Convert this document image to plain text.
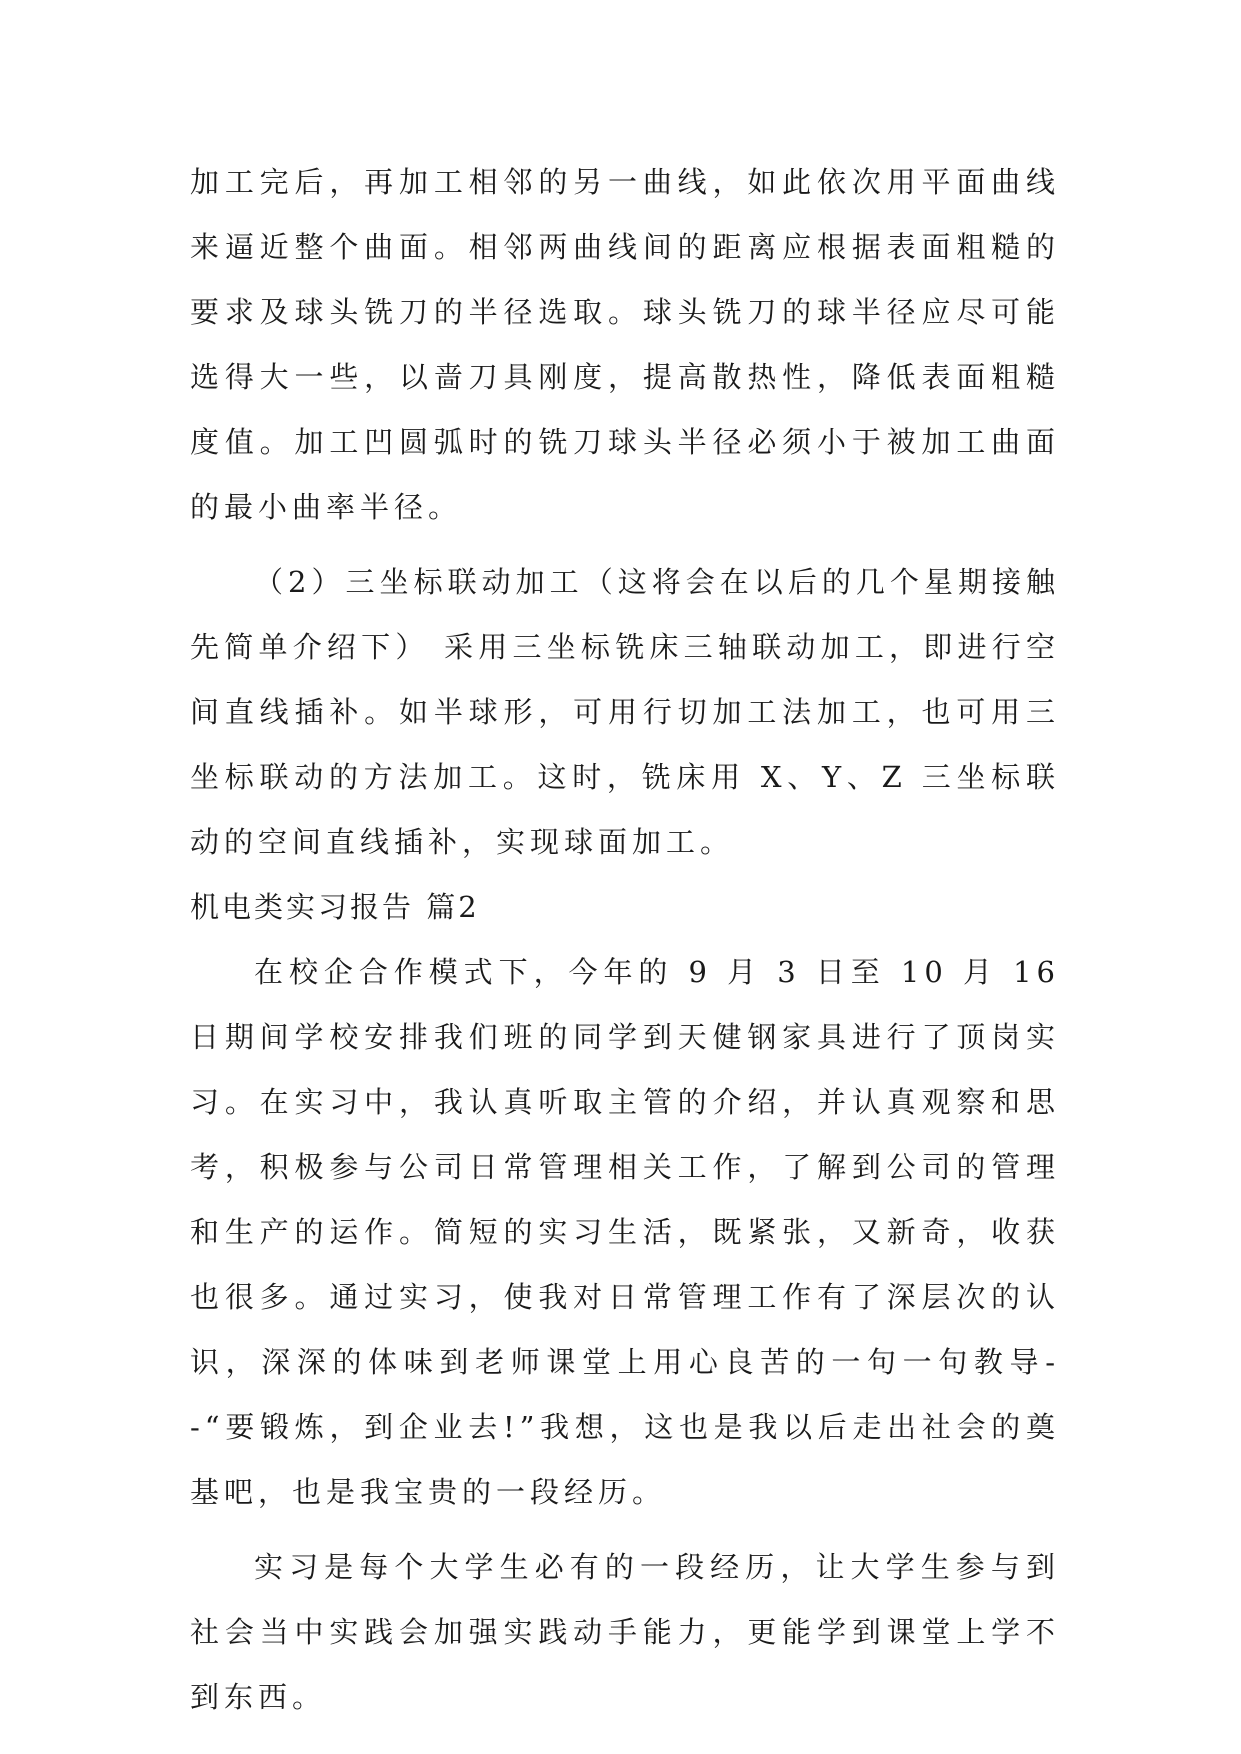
加工完后，再加工相邻的另一曲线，如此依次用平面曲线来逼近整个曲面。相邻两曲线间的距离应根据表面粗糙的要求及球头铣刀的半径选取。球头铣刀的球半径应尽可能选得大一些，以啬刀具刚度，提高散热性，降低表面粗糙度值。加工凹圆弧时的铣刀球头半径必须小于被加工曲面的最小曲率半径。

（2）三坐标联动加工（这将会在以后的几个星期接触先简单介绍下） 采用三坐标铣床三轴联动加工，即进行空间直线插补。如半球形，可用行切加工法加工，也可用三坐标联动的方法加工。这时，铣床用 X、Y、Z 三坐标联动的空间直线插补，实现球面加工。

机电类实习报告 篇2

在校企合作模式下，今年的 9 月 3 日至 10 月 16 日期间学校安排我们班的同学到天健钢家具进行了顶岗实习。在实习中，我认真听取主管的介绍，并认真观察和思考，积极参与公司日常管理相关工作，了解到公司的管理和生产的运作。简短的实习生活，既紧张，又新奇，收获也很多。通过实习，使我对日常管理工作有了深层次的认识，深深的体味到老师课堂上用心良苦的一句一句教导--“要锻炼，到企业去!”我想，这也是我以后走出社会的奠基吧，也是我宝贵的一段经历。

实习是每个大学生必有的一段经历，让大学生参与到社会当中实践会加强实践动手能力，更能学到课堂上学不到东西。
